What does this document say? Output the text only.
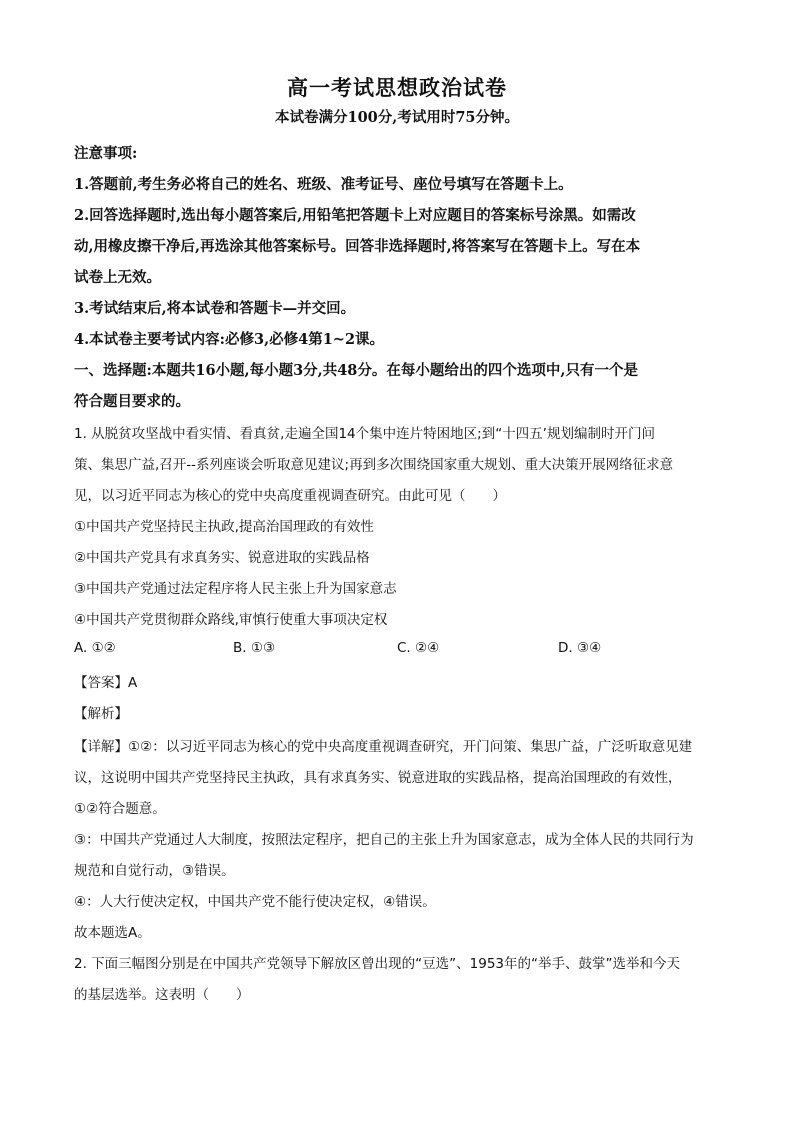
高一考试思想政治试卷
本试卷满分100分,考试用时75分钟。
注意事项:
1.答题前,考生务必将自己的姓名、班级、准考证号、座位号填写在答题卡上。
2.回答选择题时,选出每小题答案后,用铅笔把答题卡上对应题目的答案标号涂黑。如需改
动,用橡皮擦干净后,再选涂其他答案标号。回答非选择题时,将答案写在答题卡上。写在本
试卷上无效。
3.考试结束后,将本试卷和答题卡—并交回。
4.本试卷主要考试内容:必修3,必修4第1~2课。
一、选择题:本题共16小题,每小题3分,共48分。在每小题给出的四个选项中,只有一个是
符合题目要求的。
1. 从脱贫攻坚战中看实情、看真贫,走遍全国14个集中连片特困地区;到“十四五’规划编制时开门问
策、集思广益,召开--系列座谈会听取意见建议;再到多次围绕国家重大规划、重大决策开展网络征求意
见，以习近平同志为核心的党中央高度重视调查研究。由此可见（　　）
①中国共产党坚持民主执政,提高治国理政的有效性
②中国共产党具有求真务实、锐意进取的实践品格
③中国共产党通过法定程序将人民主张上升为国家意志
④中国共产党贯彻群众路线,审慎行使重大事项决定权
A. ①②	B. ①③	C. ②④	D. ③④
【答案】A
【解析】
【详解】①②：以习近平同志为核心的党中央高度重视调查研究，开门问策、集思广益，广泛听取意见建
议，这说明中国共产党坚持民主执政，具有求真务实、锐意进取的实践品格，提高治国理政的有效性，
①②符合题意。
③：中国共产党通过人大制度，按照法定程序，把自己的主张上升为国家意志，成为全体人民的共同行为
规范和自觉行动，③错误。
④：人大行使决定权，中国共产党不能行使决定权，④错误。
故本题选A。
2. 下面三幅图分别是在中国共产党领导下解放区曾出现的“豆选”、1953年的“举手、鼓掌”选举和今天
的基层选举。这表明（　　）
